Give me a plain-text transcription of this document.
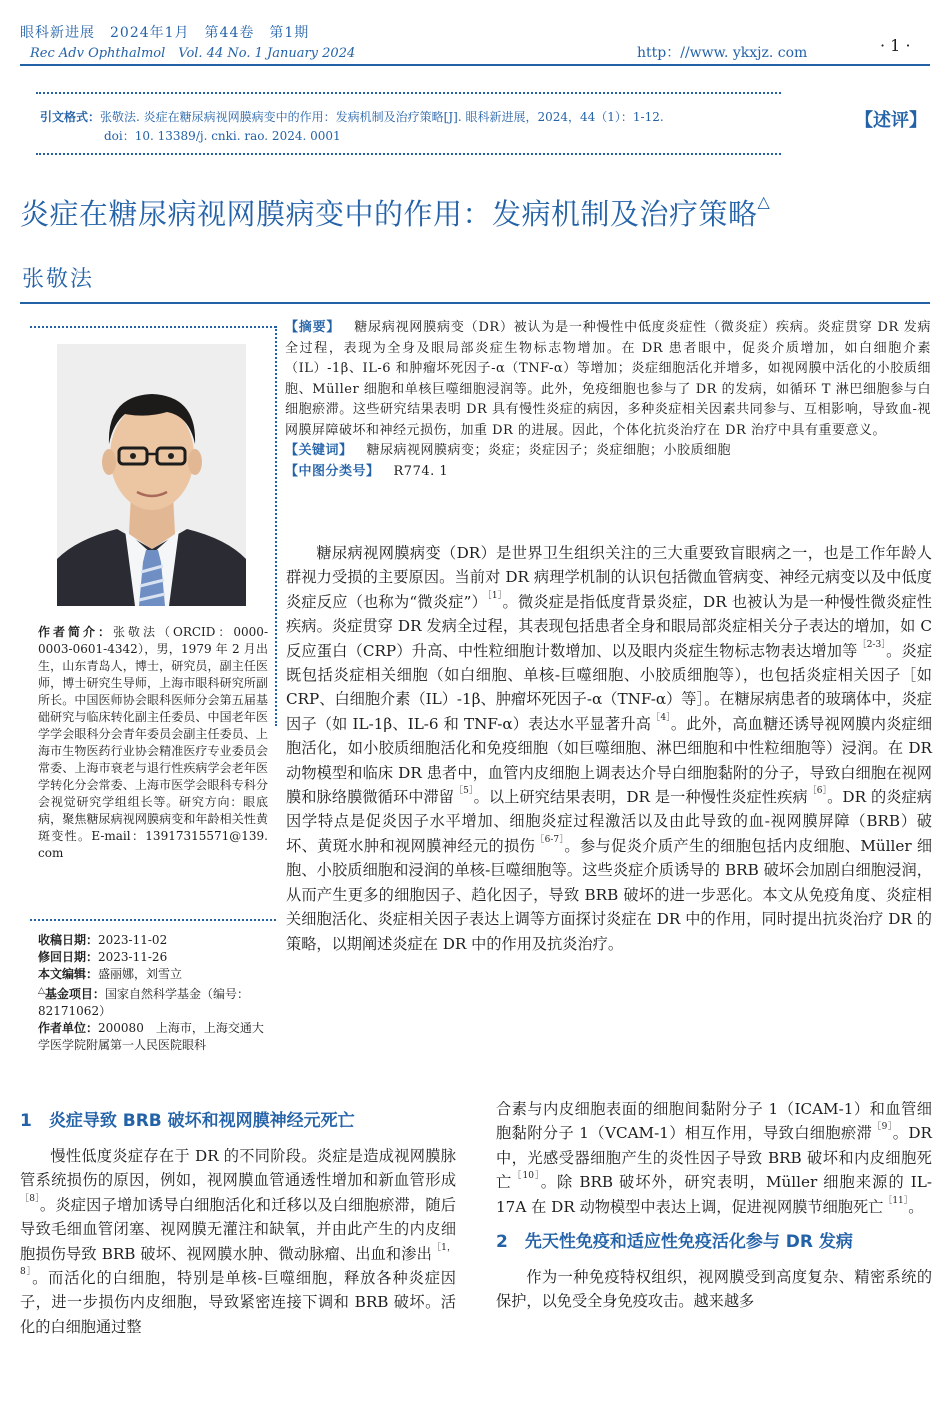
眼科新进展　2024年1月　第44卷　第1期
Rec Adv Ophthalmol　Vol. 44 No. 1 January 2024	http：//www. ykxjz. com	· 1 ·
引文格式：张敬法. 炎症在糖尿病视网膜病变中的作用：发病机制及治疗策略[J]. 眼科新进展，2024，44（1）：1-12.
doi：10. 13389/j. cnki. rao. 2024. 0001
【述评】
炎症在糖尿病视网膜病变中的作用：发病机制及治疗策略△
张敬法
作者简介：张敬法（ORCID：0000-0003-0601-4342），男，1979 年 2 月出生，山东青岛人，博士，研究员，副主任医师，博士研究生导师，上海市眼科研究所副所长。中国医师协会眼科医师分会第五届基础研究与临床转化副主任委员、中国老年医学学会眼科分会青年委员会副主任委员、上海市生物医药行业协会精准医疗专业委员会常委、上海市衰老与退行性疾病学会老年医学转化分会常委、上海市医学会眼科专科分会视觉研究学组组长等。研究方向：眼底病，聚焦糖尿病视网膜病变和年龄相关性黄斑变性。E-mail：13917315571@139. com
收稿日期：2023-11-02
修回日期：2023-11-26
本文编辑：盛丽娜，刘雪立
△基金项目：国家自然科学基金（编号：82171062）
作者单位：200080　上海市，上海交通大学医学院附属第一人民医院眼科
【摘要】 糖尿病视网膜病变（DR）被认为是一种慢性中低度炎症性（微炎症）疾病。炎症贯穿 DR 发病全过程，表现为全身及眼局部炎症生物标志物增加。在 DR 患者眼中，促炎介质增加，如白细胞介素（IL）-1β、IL-6 和肿瘤坏死因子-α（TNF-α）等增加；炎症细胞活化并增多，如视网膜中活化的小胶质细胞、Müller 细胞和单核巨噬细胞浸润等。此外，免疫细胞也参与了 DR 的发病，如循环 T 淋巴细胞参与白细胞瘀滞。这些研究结果表明 DR 具有慢性炎症的病因，多种炎症相关因素共同参与、互相影响，导致血-视网膜屏障破坏和神经元损伤，加重 DR 的进展。因此，个体化抗炎治疗在 DR 治疗中具有重要意义。
【关键词】 糖尿病视网膜病变；炎症；炎症因子；炎症细胞；小胶质细胞
【中图分类号】 R774. 1

糖尿病视网膜病变（DR）是世界卫生组织关注的三大重要致盲眼病之一，也是工作年龄人群视力受损的主要原因。当前对 DR 病理学机制的认识包括微血管病变、神经元病变以及中低度炎症反应（也称为“微炎症”）$^{[1]}$。微炎症是指低度背景炎症，DR 也被认为是一种慢性微炎症性疾病。炎症贯穿 DR 发病全过程，其表现包括患者全身和眼局部炎症相关分子表达的增加，如 C 反应蛋白（CRP）升高、中性粒细胞计数增加、以及眼内炎症生物标志物表达增加等$^{[2-3]}$。炎症既包括炎症相关细胞（如白细胞、单核-巨噬细胞、小胶质细胞等），也包括炎症相关因子［如 CRP、白细胞介素（IL）-1β、肿瘤坏死因子-α（TNF-α）等］。在糖尿病患者的玻璃体中，炎症因子（如 IL-1β、IL-6 和 TNF-α）表达水平显著升高$^{[4]}$。此外，高血糖还诱导视网膜内炎症细胞活化，如小胶质细胞活化和免疫细胞（如巨噬细胞、淋巴细胞和中性粒细胞等）浸润。在 DR 动物模型和临床 DR 患者中，血管内皮细胞上调表达介导白细胞黏附的分子，导致白细胞在视网膜和脉络膜微循环中滞留$^{[5]}$。以上研究结果表明，DR 是一种慢性炎症性疾病$^{[6]}$。DR 的炎症病因学特点是促炎因子水平增加、细胞炎症过程激活以及由此导致的血-视网膜屏障（BRB）破坏、黄斑水肿和视网膜神经元的损伤$^{[6-7]}$。参与促炎介质产生的细胞包括内皮细胞、Müller 细胞、小胶质细胞和浸润的单核-巨噬细胞等。这些炎症介质诱导的 BRB 破坏会加剧白细胞浸润，从而产生更多的细胞因子、趋化因子，导致 BRB 破坏的进一步恶化。本文从免疫角度、炎症相关细胞活化、炎症相关因子表达上调等方面探讨炎症在 DR 中的作用，同时提出抗炎治疗 DR 的策略，以期阐述炎症在 DR 中的作用及抗炎治疗。

1　炎症导致 BRB 破坏和视网膜神经元死亡

慢性低度炎症存在于 DR 的不同阶段。炎症是造成视网膜脉管系统损伤的原因，例如，视网膜血管通透性增加和新血管形成$^{[8]}$。炎症因子增加诱导白细胞活化和迁移以及白细胞瘀滞，随后导致毛细血管闭塞、视网膜无灌注和缺氧，并由此产生的内皮细胞损伤导致 BRB 破坏、视网膜水肿、微动脉瘤、出血和渗出$^{[1,8]}$。而活化的白细胞，特别是单核-巨噬细胞，释放各种炎症因子，进一步损伤内皮细胞，导致紧密连接下调和 BRB 破坏。活化的白细胞通过整

合素与内皮细胞表面的细胞间黏附分子 1（ICAM-1）和血管细胞黏附分子 1（VCAM-1）相互作用，导致白细胞瘀滞$^{[9]}$。DR 中，光感受器细胞产生的炎性因子导致 BRB 破坏和内皮细胞死亡$^{[10]}$。除 BRB 破坏外，研究表明，Müller 细胞来源的 IL-17A 在 DR 动物模型中表达上调，促进视网膜节细胞死亡$^{[11]}$。

2　先天性免疫和适应性免疫活化参与 DR 发病

作为一种免疫特权组织，视网膜受到高度复杂、精密系统的保护，以免受全身免疫攻击。越来越多
